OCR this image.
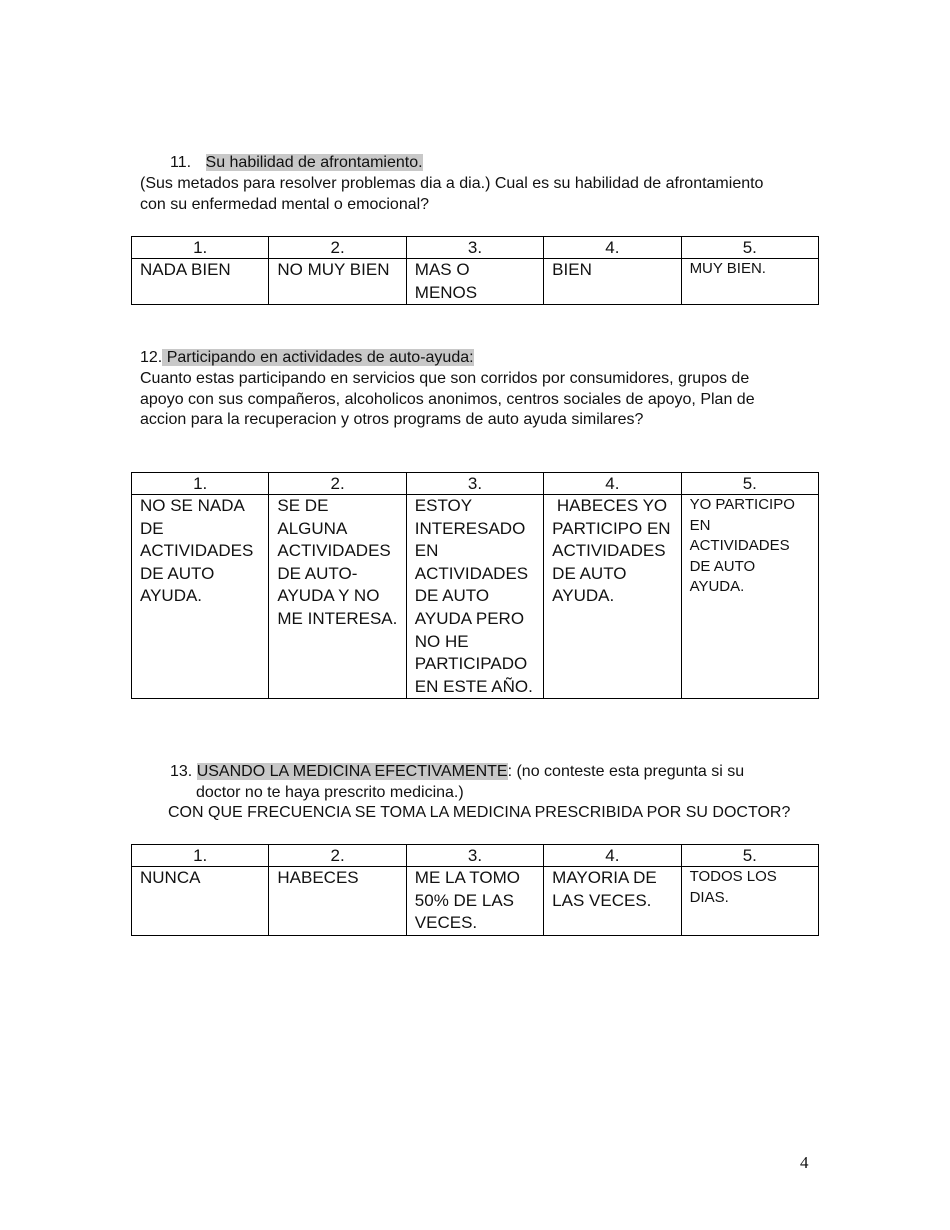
11. Su habilidad de afrontamiento.
(Sus metados para resolver problemas dia a dia.) Cual es su habilidad de afrontamiento
con su enfermedad mental o emocional?
1.	2.	3.	4.	5.
NADA BIEN	NO MUY BIEN	MAS O MENOS	BIEN	MUY BIEN.
12. Participando en actividades de auto-ayuda:
Cuanto estas participando en servicios que son corridos por consumidores, grupos de
apoyo con sus compañeros, alcoholicos anonimos, centros sociales de apoyo, Plan de
accion para la recuperacion y otros programs de auto ayuda similares?
1.	2.	3.	4.	5.
NO SE NADA DE ACTIVIDADES DE AUTO AYUDA.	SE DE ALGUNA ACTIVIDADES DE AUTO-AYUDA Y NO ME INTERESA.	ESTOY INTERESADO EN ACTIVIDADES DE AUTO AYUDA PERO NO HE PARTICIPADO EN ESTE AÑO.	HABECES YO PARTICIPO EN ACTIVIDADES DE AUTO AYUDA.	YO PARTICIPO EN ACTIVIDADES DE AUTO AYUDA.
13. USANDO LA MEDICINA EFECTIVAMENTE: (no conteste esta pregunta si su
doctor no te haya prescrito medicina.)
CON QUE FRECUENCIA SE TOMA LA MEDICINA PRESCRIBIDA POR SU DOCTOR?
1.	2.	3.	4.	5.
NUNCA	HABECES	ME LA TOMO 50% DE LAS VECES.	MAYORIA DE LAS VECES.	TODOS LOS DIAS.
4
